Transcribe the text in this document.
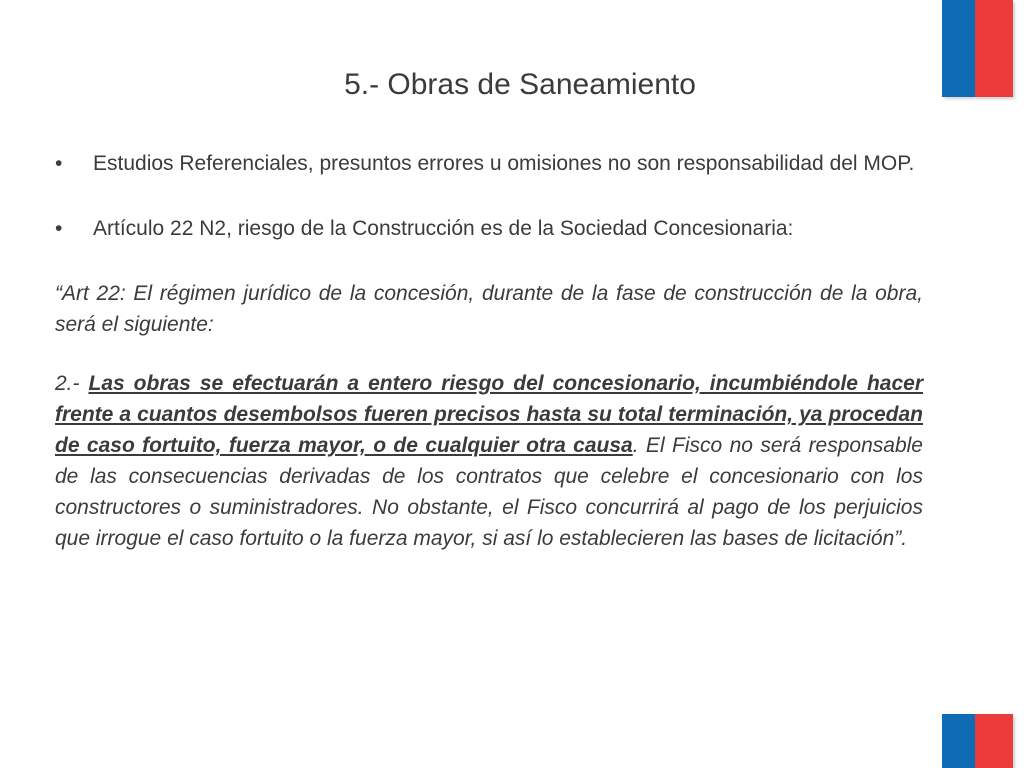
5.- Obras de Saneamiento
•	Estudios Referenciales, presuntos errores u omisiones no son responsabilidad del MOP.
•	Artículo 22 N2, riesgo de la Construcción es de la Sociedad Concesionaria:
“Art 22: El régimen jurídico de la concesión, durante de la fase de construcción de la obra, será el siguiente:
2.- Las obras se efectuarán a entero riesgo del concesionario, incumbiéndole hacer frente a cuantos desembolsos fueren precisos hasta su total terminación, ya procedan de caso fortuito, fuerza mayor, o de cualquier otra causa. El Fisco no será responsable de las consecuencias derivadas de los contratos que celebre el concesionario con los constructores o suministradores. No obstante, el Fisco concurrirá al pago de los perjuicios que irrogue el caso fortuito o la fuerza mayor, si así lo establecieren las bases de licitación”.
